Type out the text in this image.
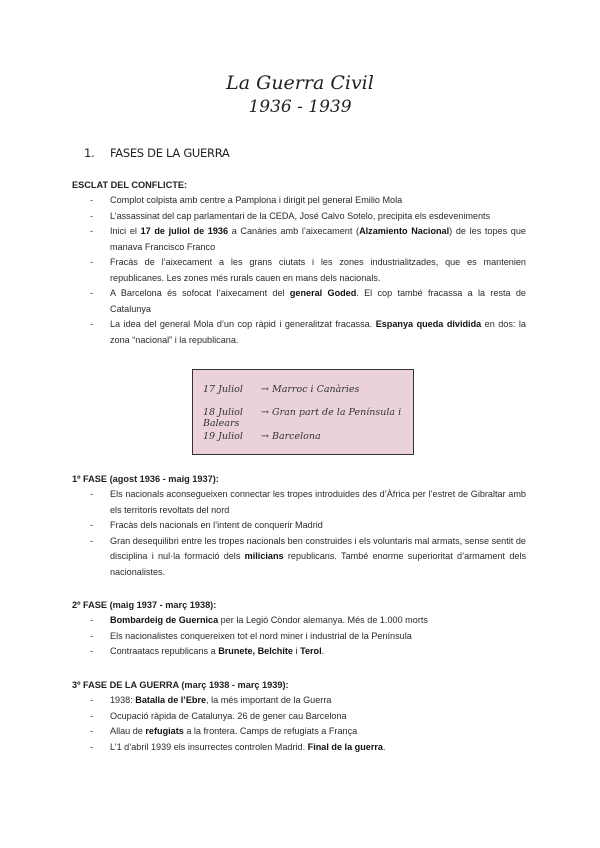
La Guerra Civil
1936 - 1939
1. FASES DE LA GUERRA
ESCLAT DEL CONFLICTE:
- Complot colpista amb centre a Pamplona i dirigit pel general Emilio Mola
- L’assassinat del cap parlamentari de la CEDA, José Calvo Sotelo, precipita els esdeveniments
- Inici el 17 de juliol de 1936 a Canàries amb l’aixecament (Alzamiento Nacional) de les topes que manava Francisco Franco
- Fracàs de l’aixecament a les grans ciutats i les zones industrialitzades, que es mantenien republicanes. Les zones més rurals cauen en mans dels nacionals.
- A Barcelona és sofocat l’aixecament del general Goded. El cop també fracassa a la resta de Catalunya
- La idea del general Mola d’un cop ràpid i generalitzat fracassa. Espanya queda dividida en dos: la zona “nacional” i la republicana.
17 Juliol → Marroc i Canàries
18 Juliol → Gran part de la Península i Balears
19 Juliol → Barcelona
1º FASE (agost 1936 - maig 1937):
- Els nacionals aconsegueixen connectar les tropes introduides des d’Àfrica per l’estret de Gibraltar amb els territoris revoltats del nord
- Fracàs dels nacionals en l’intent de conquerir Madrid
- Gran desequilibri entre les tropes nacionals ben construides i els voluntaris mal armats, sense sentit de disciplina i nul·la formació dels milicians republicans. També enorme superioritat d’armament dels nacionalistes.
2º FASE (maig 1937 - març 1938):
- Bombardeig de Guernica per la Legió Còndor alemanya. Més de 1.000 morts
- Els nacionalistes conquereixen tot el nord miner i industrial de la Península
- Contraatacs republicans a Brunete, Belchite i Terol.
3º FASE DE LA GUERRA (març 1938 - març 1939):
- 1938: Batalla de l’Ebre, la més important de la Guerra
- Ocupació ràpida de Catalunya. 26 de gener cau Barcelona
- Allau de refugiats a la frontera. Camps de refugiats a França
- L’1 d’abril 1939 els insurrectes controlen Madrid. Final de la guerra.
